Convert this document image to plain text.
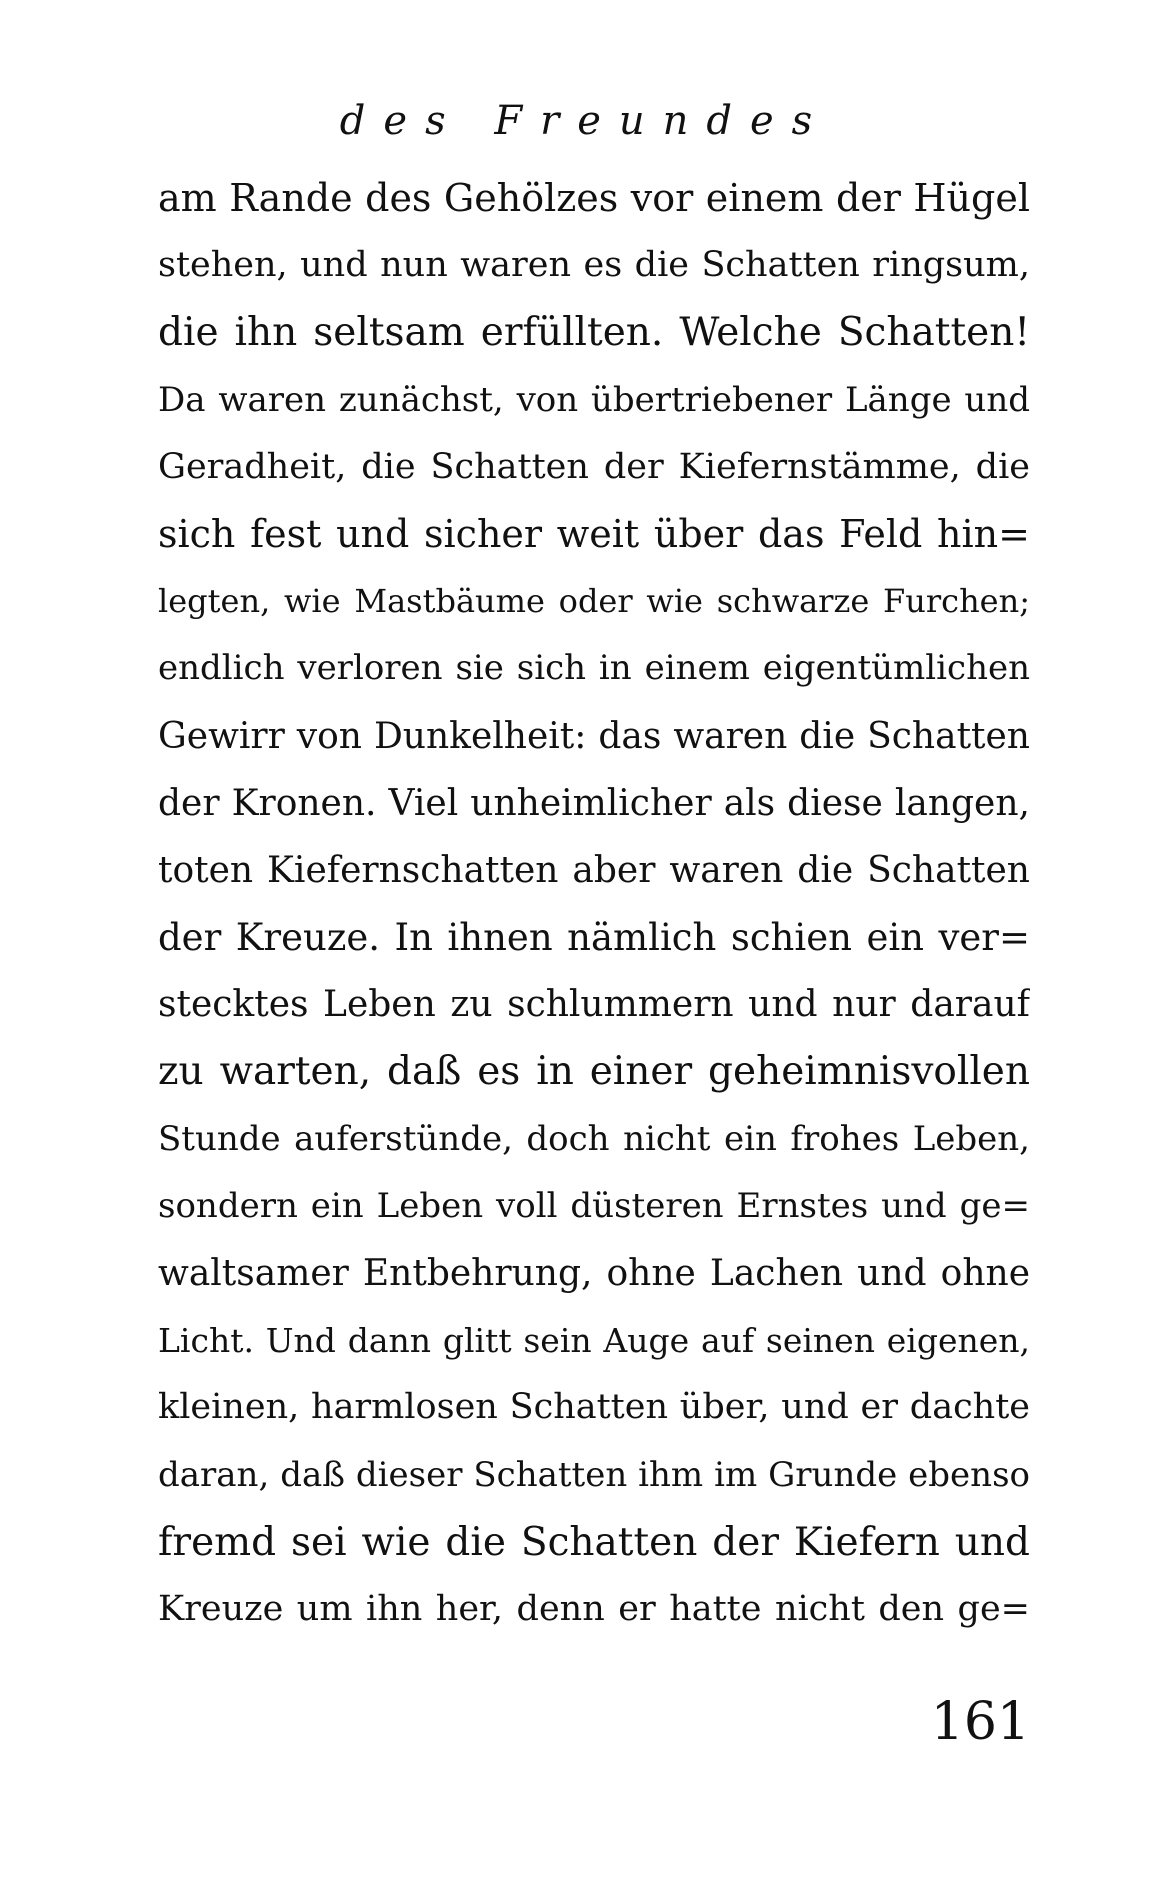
des Freundes
am Rande des Gehölzes vor einem der Hügel
stehen, und nun waren es die Schatten ringsum,
die ihn seltsam erfüllten. Welche Schatten!
Da waren zunächst, von übertriebener Länge und
Geradheit, die Schatten der Kiefernstämme, die
sich fest und sicher weit über das Feld hin=
legten, wie Mastbäume oder wie schwarze Furchen;
endlich verloren sie sich in einem eigentümlichen
Gewirr von Dunkelheit: das waren die Schatten
der Kronen. Viel unheimlicher als diese langen,
toten Kiefernschatten aber waren die Schatten
der Kreuze. In ihnen nämlich schien ein ver=
stecktes Leben zu schlummern und nur darauf
zu warten, daß es in einer geheimnisvollen
Stunde auferstünde, doch nicht ein frohes Leben,
sondern ein Leben voll düsteren Ernstes und ge=
waltsamer Entbehrung, ohne Lachen und ohne
Licht. Und dann glitt sein Auge auf seinen eigenen,
kleinen, harmlosen Schatten über, und er dachte
daran, daß dieser Schatten ihm im Grunde ebenso
fremd sei wie die Schatten der Kiefern und
Kreuze um ihn her, denn er hatte nicht den ge=
161
